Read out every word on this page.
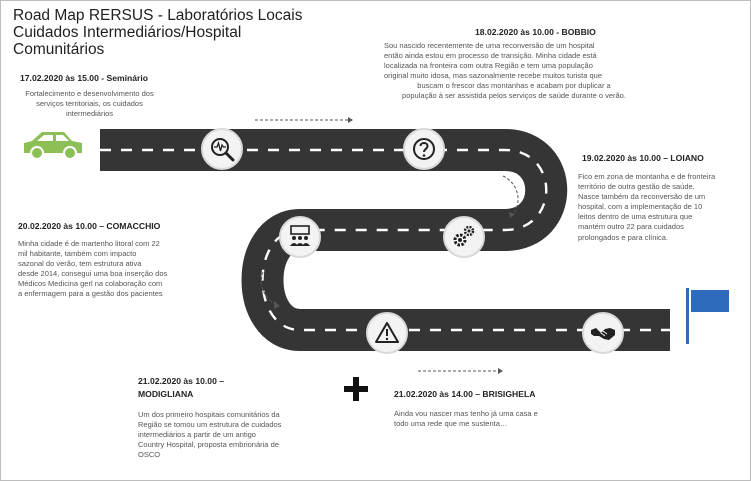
Road Map RERSUS - Laboratórios Locais
Cuidados Intermediários/Hospital
Comunitários
17.02.2020 às 15.00 - Seminário
Fortalecimento e desenvolvimento dos
serviços territoriais, os cuidados
intermediários
18.02.2020 às 10.00 - BOBBIO
Sou nascido recentemente de uma reconversão de um hospital
então ainda estou em processo de transição. Minha cidade está
localizada na fronteira com outra Região e tem uma população
original muito idosa, mas sazonalmente recebe muitos turista que
buscam o frescor das montanhas e acabam por duplicar a
população à ser assistida pelos serviços de saúde durante o verão.
19.02.2020 às 10.00 – LOIANO
Fico em zona de montanha e de fronteira
território de outra gestão de saúde.
Nasce também da reconversão de um
hospital, com a implementação de 10
leitos dentro de uma estrutura que
mantém outro 22 para cuidados
prolongados e para clínica.
20.02.2020 às 10.00 – COMACCHIO
Minha cidade é de martenho litoral com 22
mil habitante, também com impacto
sazonal do verão, tem estrutura ativa
desde 2014, consegui uma boa inserção dos
Médicos Medicina gerl na colaboração com
a enfermagem para a gestão dos pacientes
21.02.2020 às 10.00 –
MODIGLIANA
Um dos primeiro hospitais comunitários da
Região se tomou um estrutura de cuidados
intermediários a partir de um antigo
Country Hospital, proposta embrionária de
OSCO
21.02.2020 às 14.00 – BRISIGHELA
Ainda vou nascer mas tenho já uma casa e
todo uma rede que me sustenta…
